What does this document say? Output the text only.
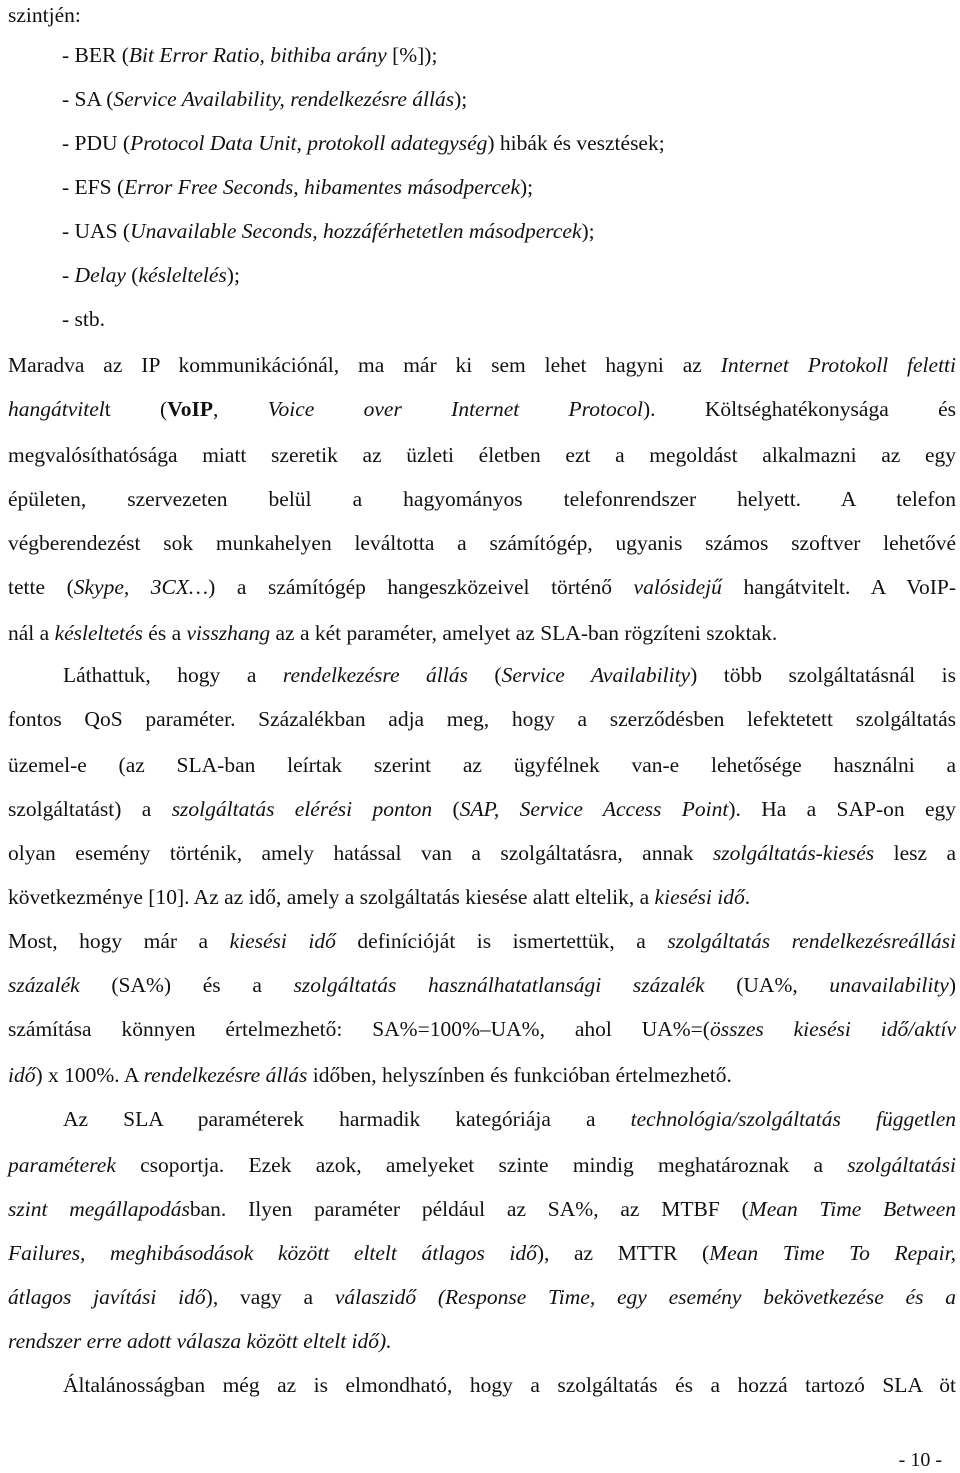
- 10 -
szintjén:
- BER (Bit Error Ratio, bithiba arány [%]);
- SA (Service Availability, rendelkezésre állás);
- PDU (Protocol Data Unit, protokoll adategység) hibák és vesztések;
- EFS (Error Free Seconds, hibamentes másodpercek);
- UAS (Unavailable Seconds, hozzáférhetetlen másodpercek);
- Delay (késleltelés);
- stb.
Maradva az IP kommunikációnál, ma már ki sem lehet hagyni az Internet Protokoll feletti
hangátvitelt (VoIP, Voice over Internet Protocol). Költséghatékonysága és
megvalósíthatósága miatt szeretik az üzleti életben ezt a megoldást alkalmazni az egy
épületen, szervezeten belül a hagyományos telefonrendszer helyett. A telefon
végberendezést sok munkahelyen leváltotta a számítógép, ugyanis számos szoftver lehetővé
tette (Skype, 3CX…) a számítógép hangeszközeivel történő valósidejű hangátvitelt. A VoIP-
nál a késleltetés és a visszhang az a két paraméter, amelyet az SLA-ban rögzíteni szoktak.
Láthattuk, hogy a rendelkezésre állás (Service Availability) több szolgáltatásnál is
fontos QoS paraméter. Százalékban adja meg, hogy a szerződésben lefektetett szolgáltatás
üzemel-e (az SLA-ban leírtak szerint az ügyfélnek van-e lehetősége használni a
szolgáltatást) a szolgáltatás elérési ponton (SAP, Service Access Point). Ha a SAP-on egy
olyan esemény történik, amely hatással van a szolgáltatásra, annak szolgáltatás-kiesés lesz a
következménye [10]. Az az idő, amely a szolgáltatás kiesése alatt eltelik, a kiesési idő.
Most, hogy már a kiesési idő definícióját is ismertettük, a szolgáltatás rendelkezésreállási
százalék (SA%) és a szolgáltatás használhatatlansági százalék (UA%, unavailability)
számítása könnyen értelmezhető: SA%=100%–UA%, ahol UA%=(összes kiesési idő/aktív
idő) x 100%. A rendelkezésre állás időben, helyszínben és funkcióban értelmezhető.
Az SLA paraméterek harmadik kategóriája a technológia/szolgáltatás független
paraméterek csoportja. Ezek azok, amelyeket szinte mindig meghatároznak a szolgáltatási
szint megállapodásban. Ilyen paraméter például az SA%, az MTBF (Mean Time Between
Failures, meghibásodások között eltelt átlagos idő), az MTTR (Mean Time To Repair,
átlagos javítási idő), vagy a válaszidő (Response Time, egy esemény bekövetkezése és a
rendszer erre adott válasza között eltelt idő).
Általánosságban még az is elmondható, hogy a szolgáltatás és a hozzá tartozó SLA öt
